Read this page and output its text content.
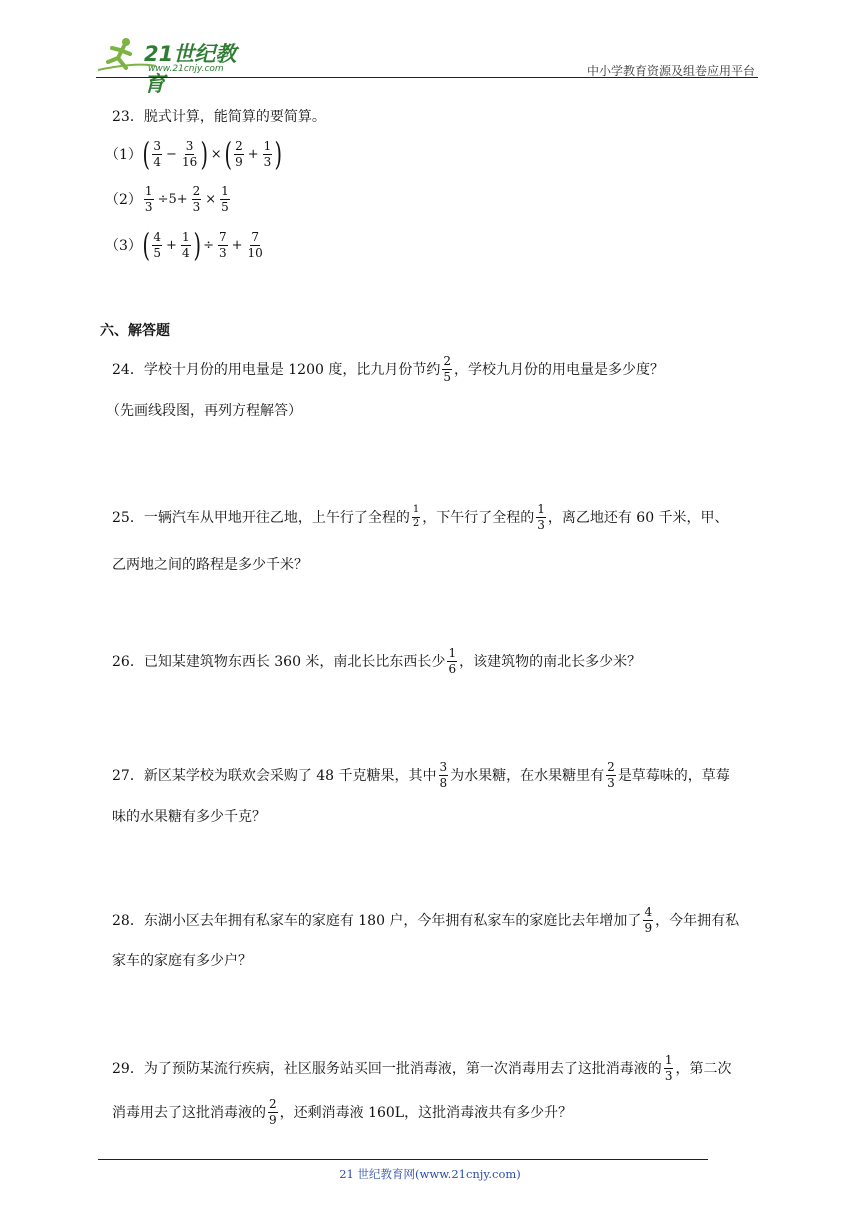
21世纪教育
www.21cnjy.com	中小学教育资源及组卷应用平台
23．脱式计算，能简算的要简算。
（1） ( $\frac{3}{4} - \frac{3}{16}$ ) × ( $\frac{2}{9} + \frac{1}{3}$ )
$(2) \frac{1}{3} \div 5+ \frac{2}{3} \times \frac{1}{5}$
（3） ( $\frac{4}{5} + \frac{1}{4}$ ) ÷ $\frac{7}{3} + \frac{7}{10}$
六、解答题
24．学校十月份的用电量是 1200 度，比九月份节约 $\frac{2}{5}$ ，学校九月份的用电量是多少度？
（先画线段图，再列方程解答）
25．一辆汽车从甲地开往乙地，上午行了全程的 $\frac{1}{2}$ ，下午行了全程的 $\frac{1}{3}$ ，离乙地还有 60 千米，甲、
乙两地之间的路程是多少千米？
26．已知某建筑物东西长 360 米，南北长比东西长少 $\frac{1}{6}$ ，该建筑物的南北长多少米？
27．新区某学校为联欢会采购了 48 千克糖果，其中 $\frac{3}{8}$ 为水果糖，在水果糖里有 $\frac{2}{3}$ 是草莓味的，草莓
味的水果糖有多少千克？
28．东湖小区去年拥有私家车的家庭有 180 户，今年拥有私家车的家庭比去年增加了 $\frac{4}{9}$ ，今年拥有私
家车的家庭有多少户？
29．为了预防某流行疾病，社区服务站买回一批消毒液，第一次消毒用去了这批消毒液的 $\frac{1}{3}$ ，第二次
消毒用去了这批消毒液的 $\frac{2}{9}$ ，还剩消毒液 160L，这批消毒液共有多少升？
21 世纪教育网(www.21cnjy.com)
